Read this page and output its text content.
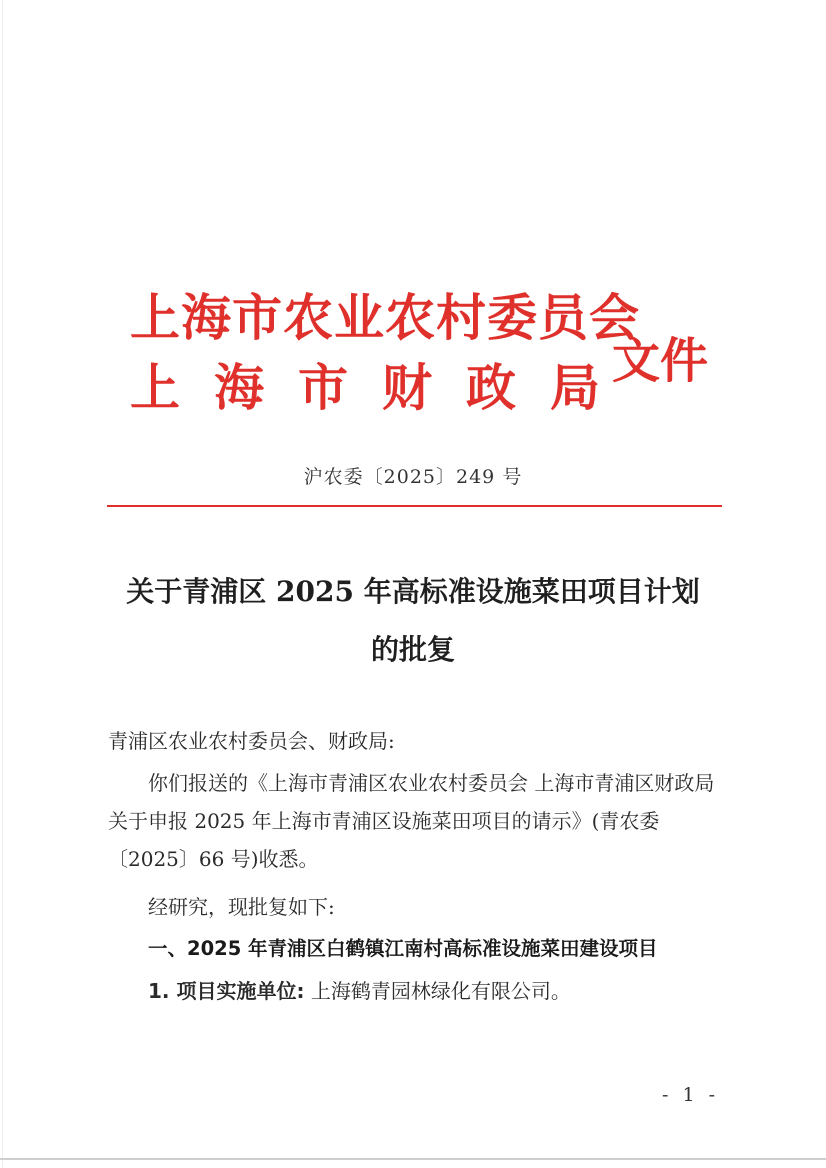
上海市农业农村委员会
上 海 市 财 政 局 文件
沪农委〔2025〕249 号
关于青浦区 2025 年高标准设施菜田项目计划
的批复
青浦区农业农村委员会、财政局:
你们报送的《上海市青浦区农业农村委员会 上海市青浦区财政局关于申报 2025 年上海市青浦区设施菜田项目的请示》(青农委〔2025〕66 号)收悉。
经研究，现批复如下:
一、2025 年青浦区白鹤镇江南村高标准设施菜田建设项目
1. 项目实施单位: 上海鹤青园林绿化有限公司。
- 1 -
